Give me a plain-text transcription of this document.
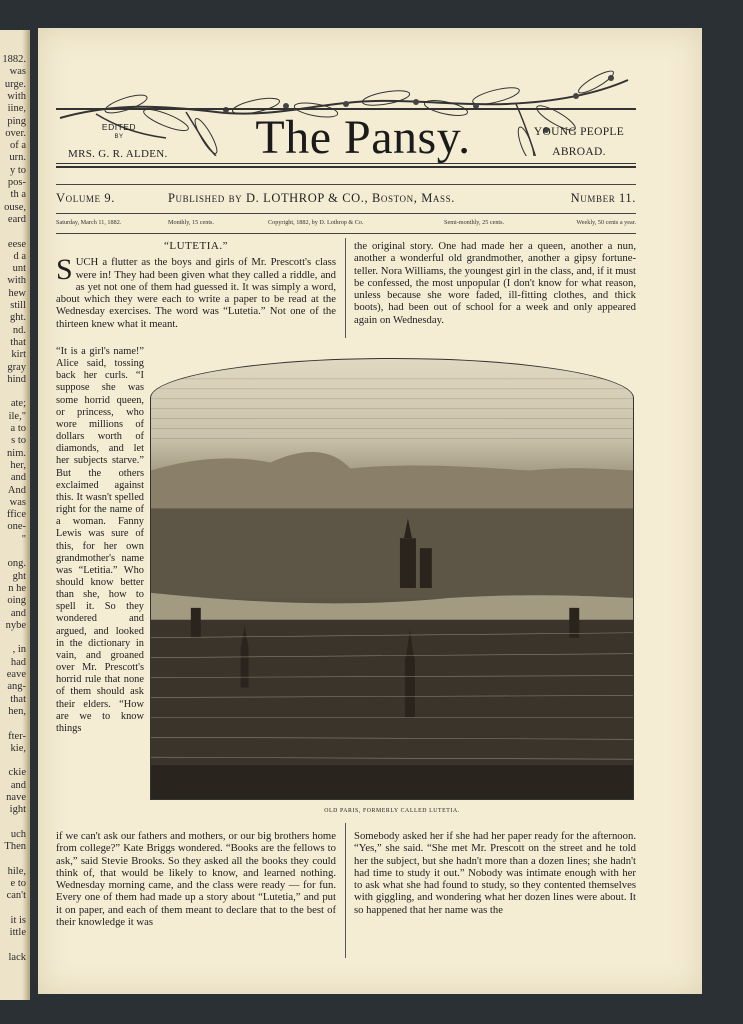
1882.
was
urge.
with
iine,
ping
over.
of a
urn.
y to
pos-
th a
ouse,
eard
eese
d a
unt
with
hew
still
ght.
nd.
that
kirt
gray
hind
ate;
ile,"
a to
s to
nim.
her,
and
And
was
ffice
one-
"
ong.
ght
n he
oing
and
nybe
, in
had
eave
ang-
that
hen,
fter-
kie,
ckie
and
nave
ight
uch
Then
hile,
e to
can't
it is
ittle
lack
EDITED
BY
MRS. G. R. ALDEN.	The Pansy.	YOUNG PEOPLE
ABROAD.
Volume 9.	Published by D. LOTHROP & CO., Boston, Mass.	Number 11.
Saturday, March 11, 1882.	Monthly, 15 cents.	Copyright, 1882, by D. Lothrop & Co.	Semi-monthly, 25 cents.	Weekly, 50 cents a year.
“LUTETIA.”

SUCH a flutter as the boys and girls of Mr. Prescott's class were in! They had been given what they called a riddle, and as yet not one of them had guessed it. It was simply a word, about which they were each to write a paper to be read at the Wednesday exercises. The word was “Lutetia.” Not one of the thirteen knew what it meant.

“It is a girl's name!” Alice said, tossing back her curls. “I suppose she was some horrid queen, or princess, who wore millions of dollars worth of diamonds, and let her subjects starve.” But the others exclaimed against this. It wasn't spelled right for the name of a woman. Fanny Lewis was sure of this, for her own grandmother's name was “Letitia.” Who should know better than she, how to spell it. So they wondered and argued, and looked in the dictionary in vain, and groaned over Mr. Prescott's horrid rule that none of them should ask their elders. “How are we to know things

the original story. One had made her a queen, another a nun, another a wonderful old grandmother, another a gipsy fortune-teller. Nora Williams, the youngest girl in the class, and, if it must be confessed, the most unpopular (I don't know for what reason, unless because she wore faded, ill-fitting clothes, and thick boots), had been out of school for a week and only appeared again on Wednesday.

OLD PARIS, FORMERLY CALLED LUTETIA.

if we can't ask our fathers and mothers, or our big brothers home from college?” Kate Briggs wondered. “Books are the fellows to ask,” said Stevie Brooks. So they asked all the books they could think of, that would be likely to know, and learned nothing. Wednesday morning came, and the class were ready — for fun. Every one of them had made up a story about “Lutetia,” and put it on paper, and each of them meant to declare that to the best of their knowledge it was

Somebody asked her if she had her paper ready for the afternoon. “Yes,” she said. “She met Mr. Prescott on the street and he told her the subject, but she hadn't more than a dozen lines; she hadn't had time to study it out.” Nobody was intimate enough with her to ask what she had found to study, so they contented themselves with giggling, and wondering what her dozen lines were about. It so happened that her name was the
